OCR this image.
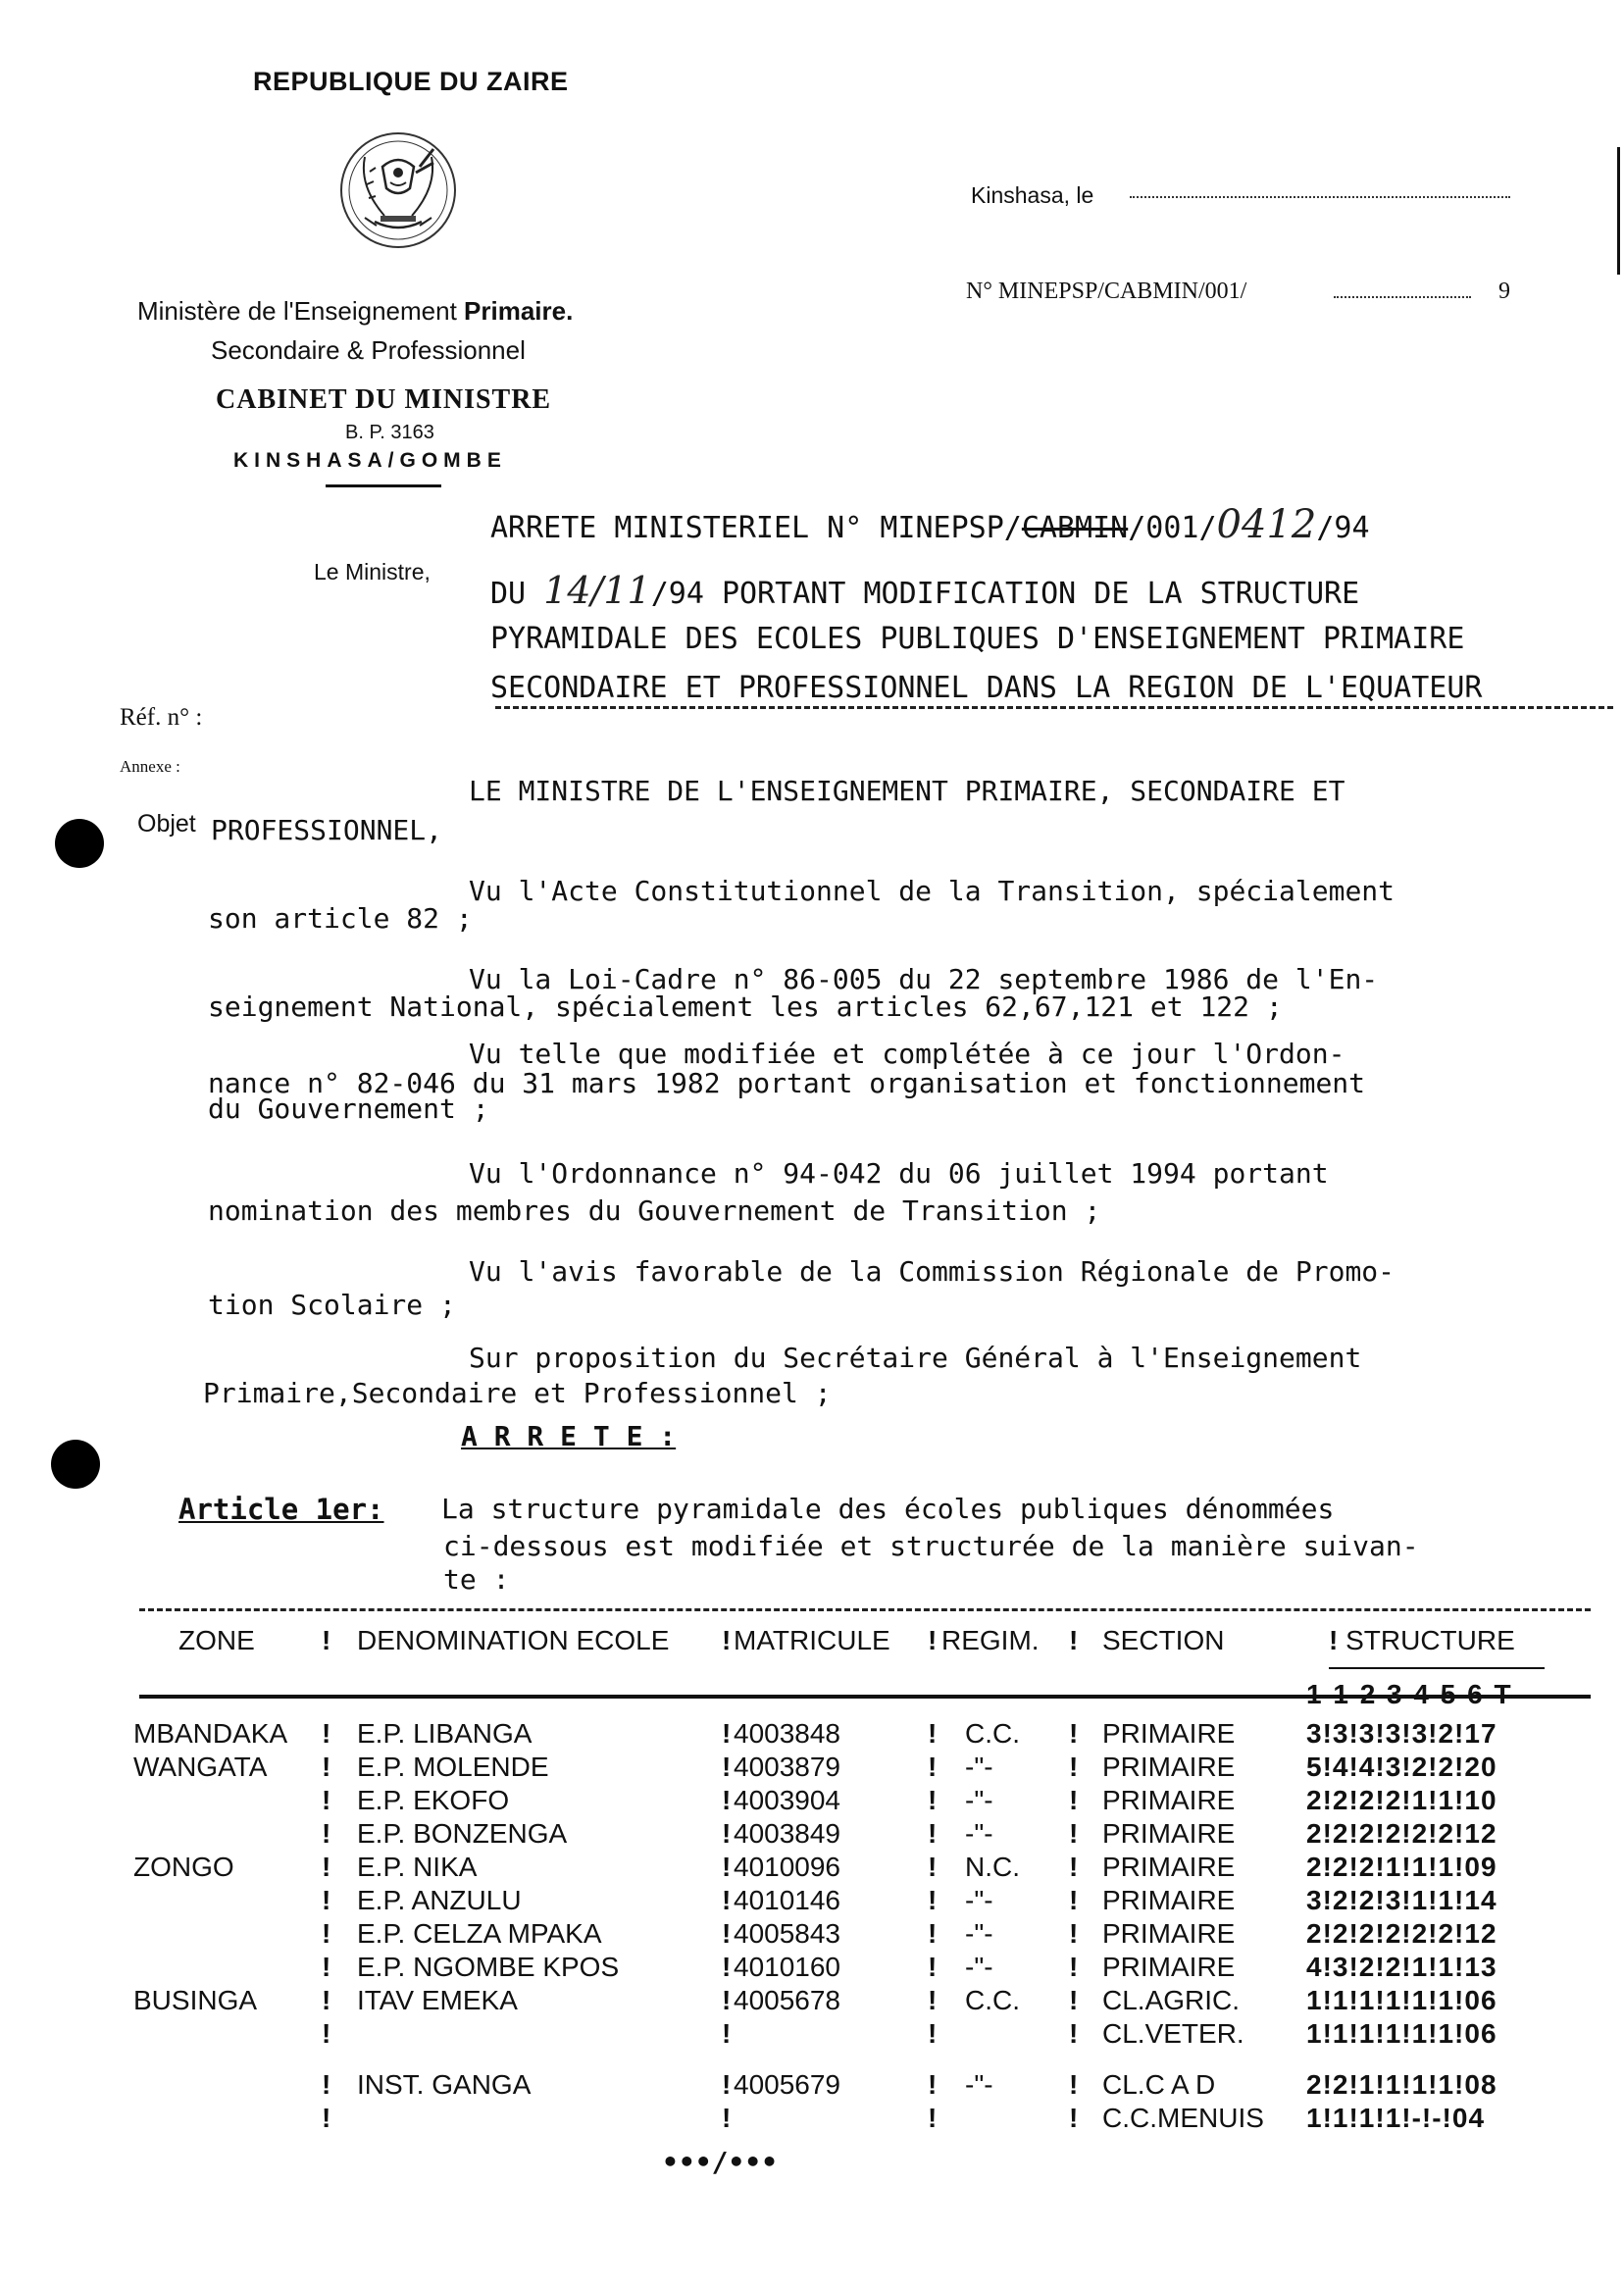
REPUBLIQUE DU ZAIRE
Ministère de l'Enseignement Primaire.
Secondaire & Professionnel
CABINET DU MINISTRE
B. P. 3163
KINSHASA/GOMBE
Kinshasa, le
N° MINEPSP/CABMIN/001/	9
ARRETE MINISTERIEL N° MINEPSP/CABMIN/001/0412/94
DU 14/11/94 PORTANT MODIFICATION DE LA STRUCTURE
PYRAMIDALE DES ECOLES PUBLIQUES D'ENSEIGNEMENT PRIMAIRE
SECONDAIRE ET PROFESSIONNEL DANS LA REGION DE L'EQUATEUR
Le Ministre,
Réf. n° :
Annexe :
Objet
LE MINISTRE DE L'ENSEIGNEMENT PRIMAIRE, SECONDAIRE ET
PROFESSIONNEL,
Vu l'Acte Constitutionnel de la Transition, spécialement
son article 82 ;
Vu la Loi-Cadre n° 86-005 du 22 septembre 1986 de l'En-
seignement National, spécialement les articles 62,67,121 et 122 ;
Vu telle que modifiée et complétée à ce jour l'Ordon-
nance n° 82-046 du 31 mars 1982 portant organisation et fonctionnement
du Gouvernement ;
Vu l'Ordonnance n° 94-042 du 06 juillet 1994 portant
nomination des membres du Gouvernement de Transition ;
Vu l'avis favorable de la Commission Régionale de Promo-
tion Scolaire ;
Sur proposition du Secrétaire Général à l'Enseignement
Primaire,Secondaire et Professionnel ;
A R R E T E :
Article 1er: La structure pyramidale des écoles publiques dénommées
ci-dessous est modifiée et structurée de la manière suivan-
te :
ZONE ! DENOMINATION ECOLE ! MATRICULE ! REGIM. ! SECTION	! STRUCTURE
MBANDAKA ! E.P. LIBANGA	! 4003848	! C.C. ! PRIMAIRE	3!3!3!3!3!2!17
WANGATA ! E.P. MOLENDE	! 4003879	! -"-	! PRIMAIRE	5!4!4!3!2!2!20
! E.P. EKOFO	! 4003904	! -"-	! PRIMAIRE	2!2!2!2!1!1!10
! E.P. BONZENGA	! 4003849	! -"-	! PRIMAIRE	2!2!2!2!2!2!12
ZONGO	! E.P. NIKA	! 4010096	! N.C. ! PRIMAIRE	2!2!2!1!1!1!09
! E.P. ANZULU	! 4010146	! -"-	! PRIMAIRE	3!2!2!3!1!1!14
! E.P. CELZA MPAKA	! 4005843	! -"-	! PRIMAIRE	2!2!2!2!2!2!12
! E.P. NGOMBE KPOS	! 4010160	! -"-	! PRIMAIRE	4!3!2!2!1!1!13
BUSINGA ! ITAV EMEKA	! 4005678	! C.C. ! CL.AGRIC. 1!1!1!1!1!1!06
!	!	!	! CL.VETER. 1!1!1!1!1!1!06
! INST. GANGA	! 4005679	! -"-	! CL.C A D	2!2!1!1!1!1!08
!	!	!	! C.C.MENUIS 1!1!1!1!-!-!04
•••/•••
